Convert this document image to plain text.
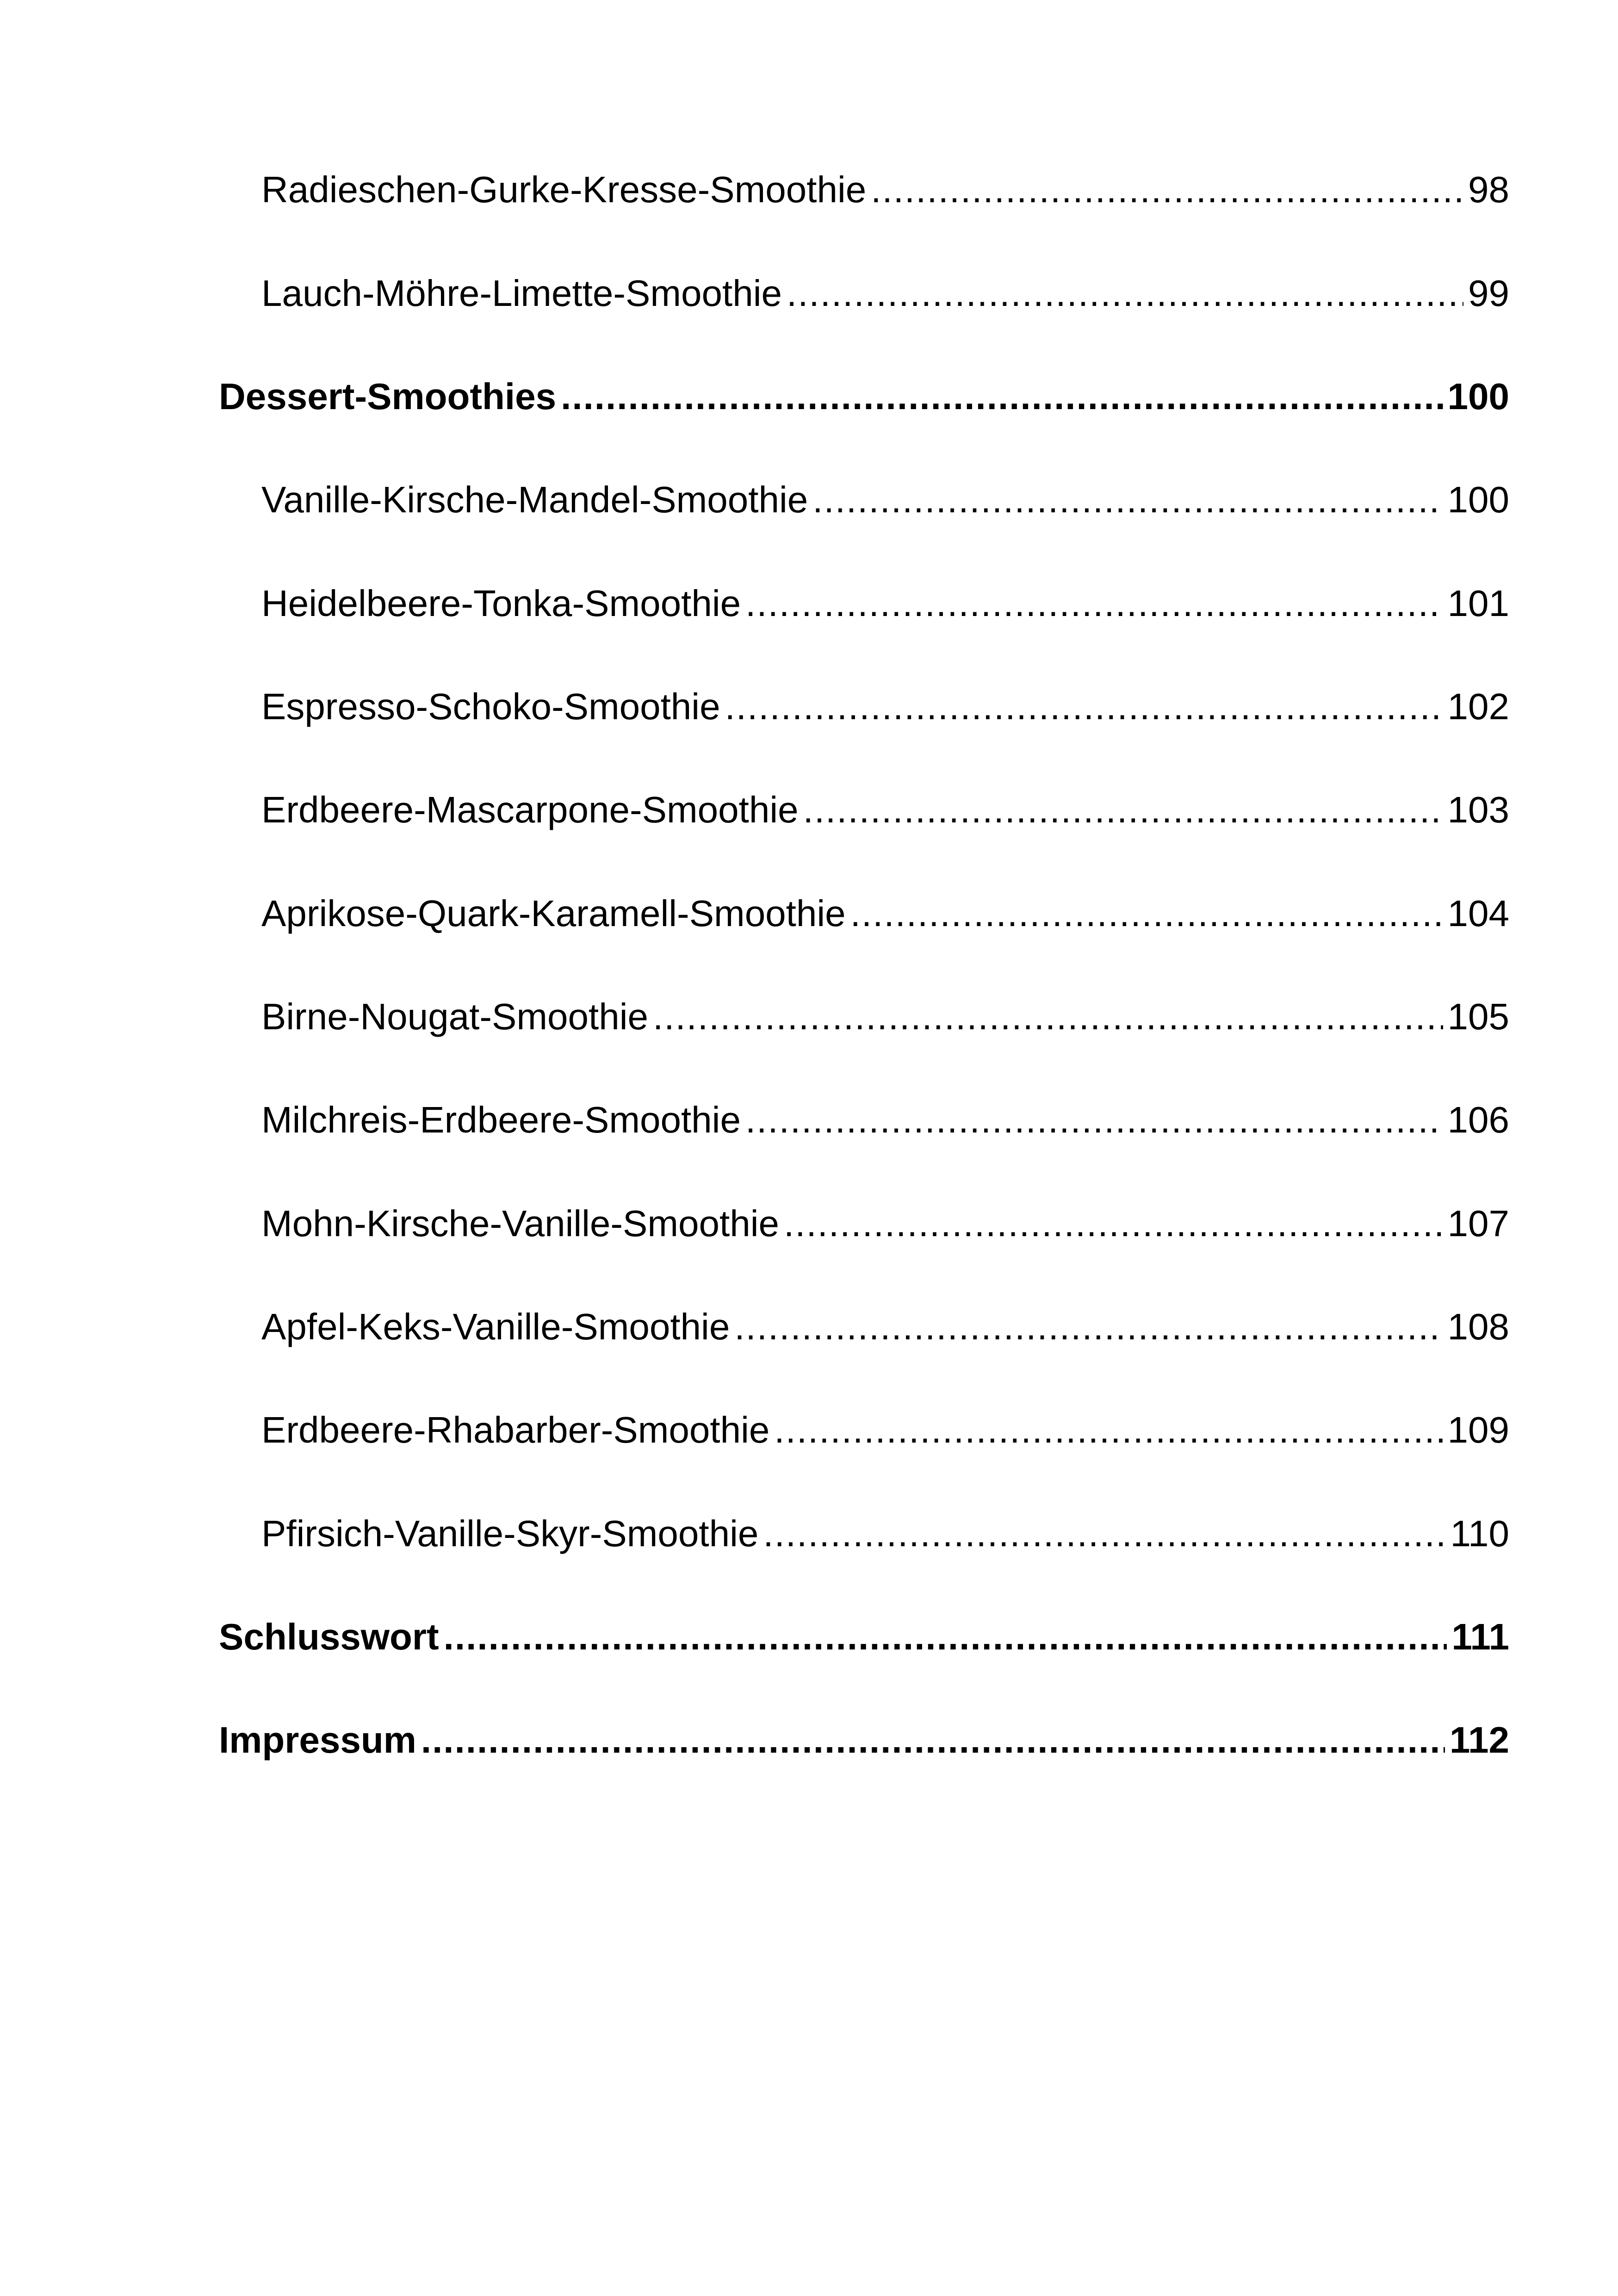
Radieschen-Gurke-Kresse-Smoothie .....	98
Lauch-Möhre-Limette-Smoothie .....	99
Dessert-Smoothies .....	100
Vanille-Kirsche-Mandel-Smoothie .....	100
Heidelbeere-Tonka-Smoothie .....	101
Espresso-Schoko-Smoothie .....	102
Erdbeere-Mascarpone-Smoothie .....	103
Aprikose-Quark-Karamell-Smoothie .....	104
Birne-Nougat-Smoothie .....	105
Milchreis-Erdbeere-Smoothie .....	106
Mohn-Kirsche-Vanille-Smoothie .....	107
Apfel-Keks-Vanille-Smoothie .....	108
Erdbeere-Rhabarber-Smoothie .....	109
Pfirsich-Vanille-Skyr-Smoothie .....	110
Schlusswort .....	111
Impressum .....	112
